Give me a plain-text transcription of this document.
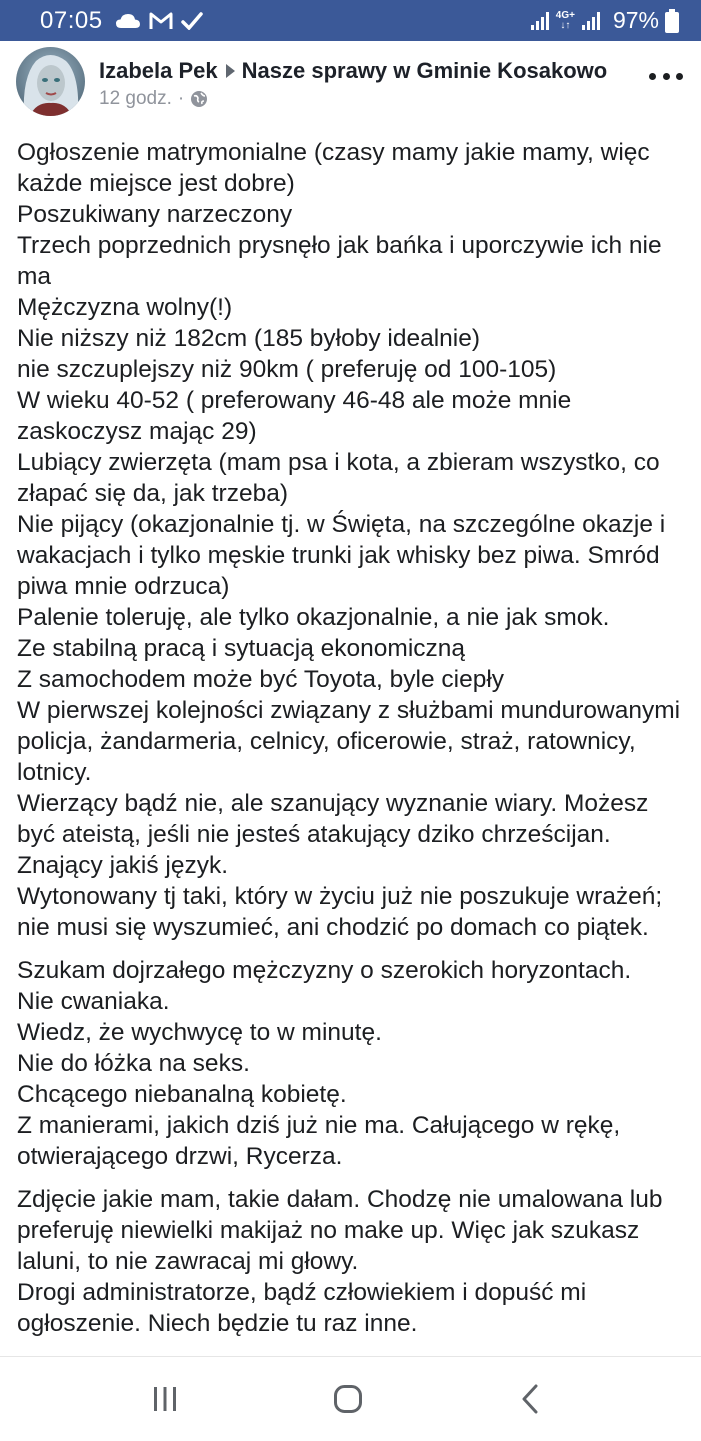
07:05	4G+
↓↑ 97%
Izabela Pek Nasze sprawy w Gminie Kosakowo
12 godz. ·

Ogłoszenie matrymonialne (czasy mamy jakie mamy, więc każde miejsce jest dobre)
Poszukiwany narzeczony
Trzech poprzednich prysnęło jak bańka i uporczywie ich nie ma
Mężczyzna wolny(!)
Nie niższy niż 182cm (185 byłoby idealnie)
nie szczuplejszy niż 90km ( preferuję od 100-105)
W wieku 40-52 ( preferowany 46-48 ale może mnie zaskoczysz mając 29)
Lubiący zwierzęta (mam psa i kota, a zbieram wszystko, co złapać się da, jak trzeba)
Nie pijący (okazjonalnie tj. w Święta, na szczególne okazje i wakacjach i tylko męskie trunki jak whisky bez piwa. Smród piwa mnie odrzuca)
Palenie toleruję, ale tylko okazjonalnie, a nie jak smok.
Ze stabilną pracą i sytuacją ekonomiczną
Z samochodem może być Toyota, byle ciepły
W pierwszej kolejności związany z służbami mundurowanymi policja, żandarmeria, celnicy, oficerowie, straż, ratownicy, lotnicy.
Wierzący bądź nie, ale szanujący wyznanie wiary. Możesz być ateistą, jeśli nie jesteś atakujący dziko chrześcijan.
Znający jakiś język.
Wytonowany tj taki, który w życiu już nie poszukuje wrażeń; nie musi się wyszumieć, ani chodzić po domach co piątek.

Szukam dojrzałego mężczyzny o szerokich horyzontach.
Nie cwaniaka.
Wiedz, że wychwycę to w minutę.
Nie do łóżka na seks.
Chcącego niebanalną kobietę.
Z manierami, jakich dziś już nie ma. Całującego w rękę, otwierającego drzwi, Rycerza.

Zdjęcie jakie mam, takie dałam. Chodzę nie umalowana lub preferuję niewielki makijaż no make up. Więc jak szukasz laluni, to nie zawracaj mi głowy.
Drogi administratorze, bądź człowiekiem i dopuść mi ogłoszenie. Niech będzie tu raz inne.
